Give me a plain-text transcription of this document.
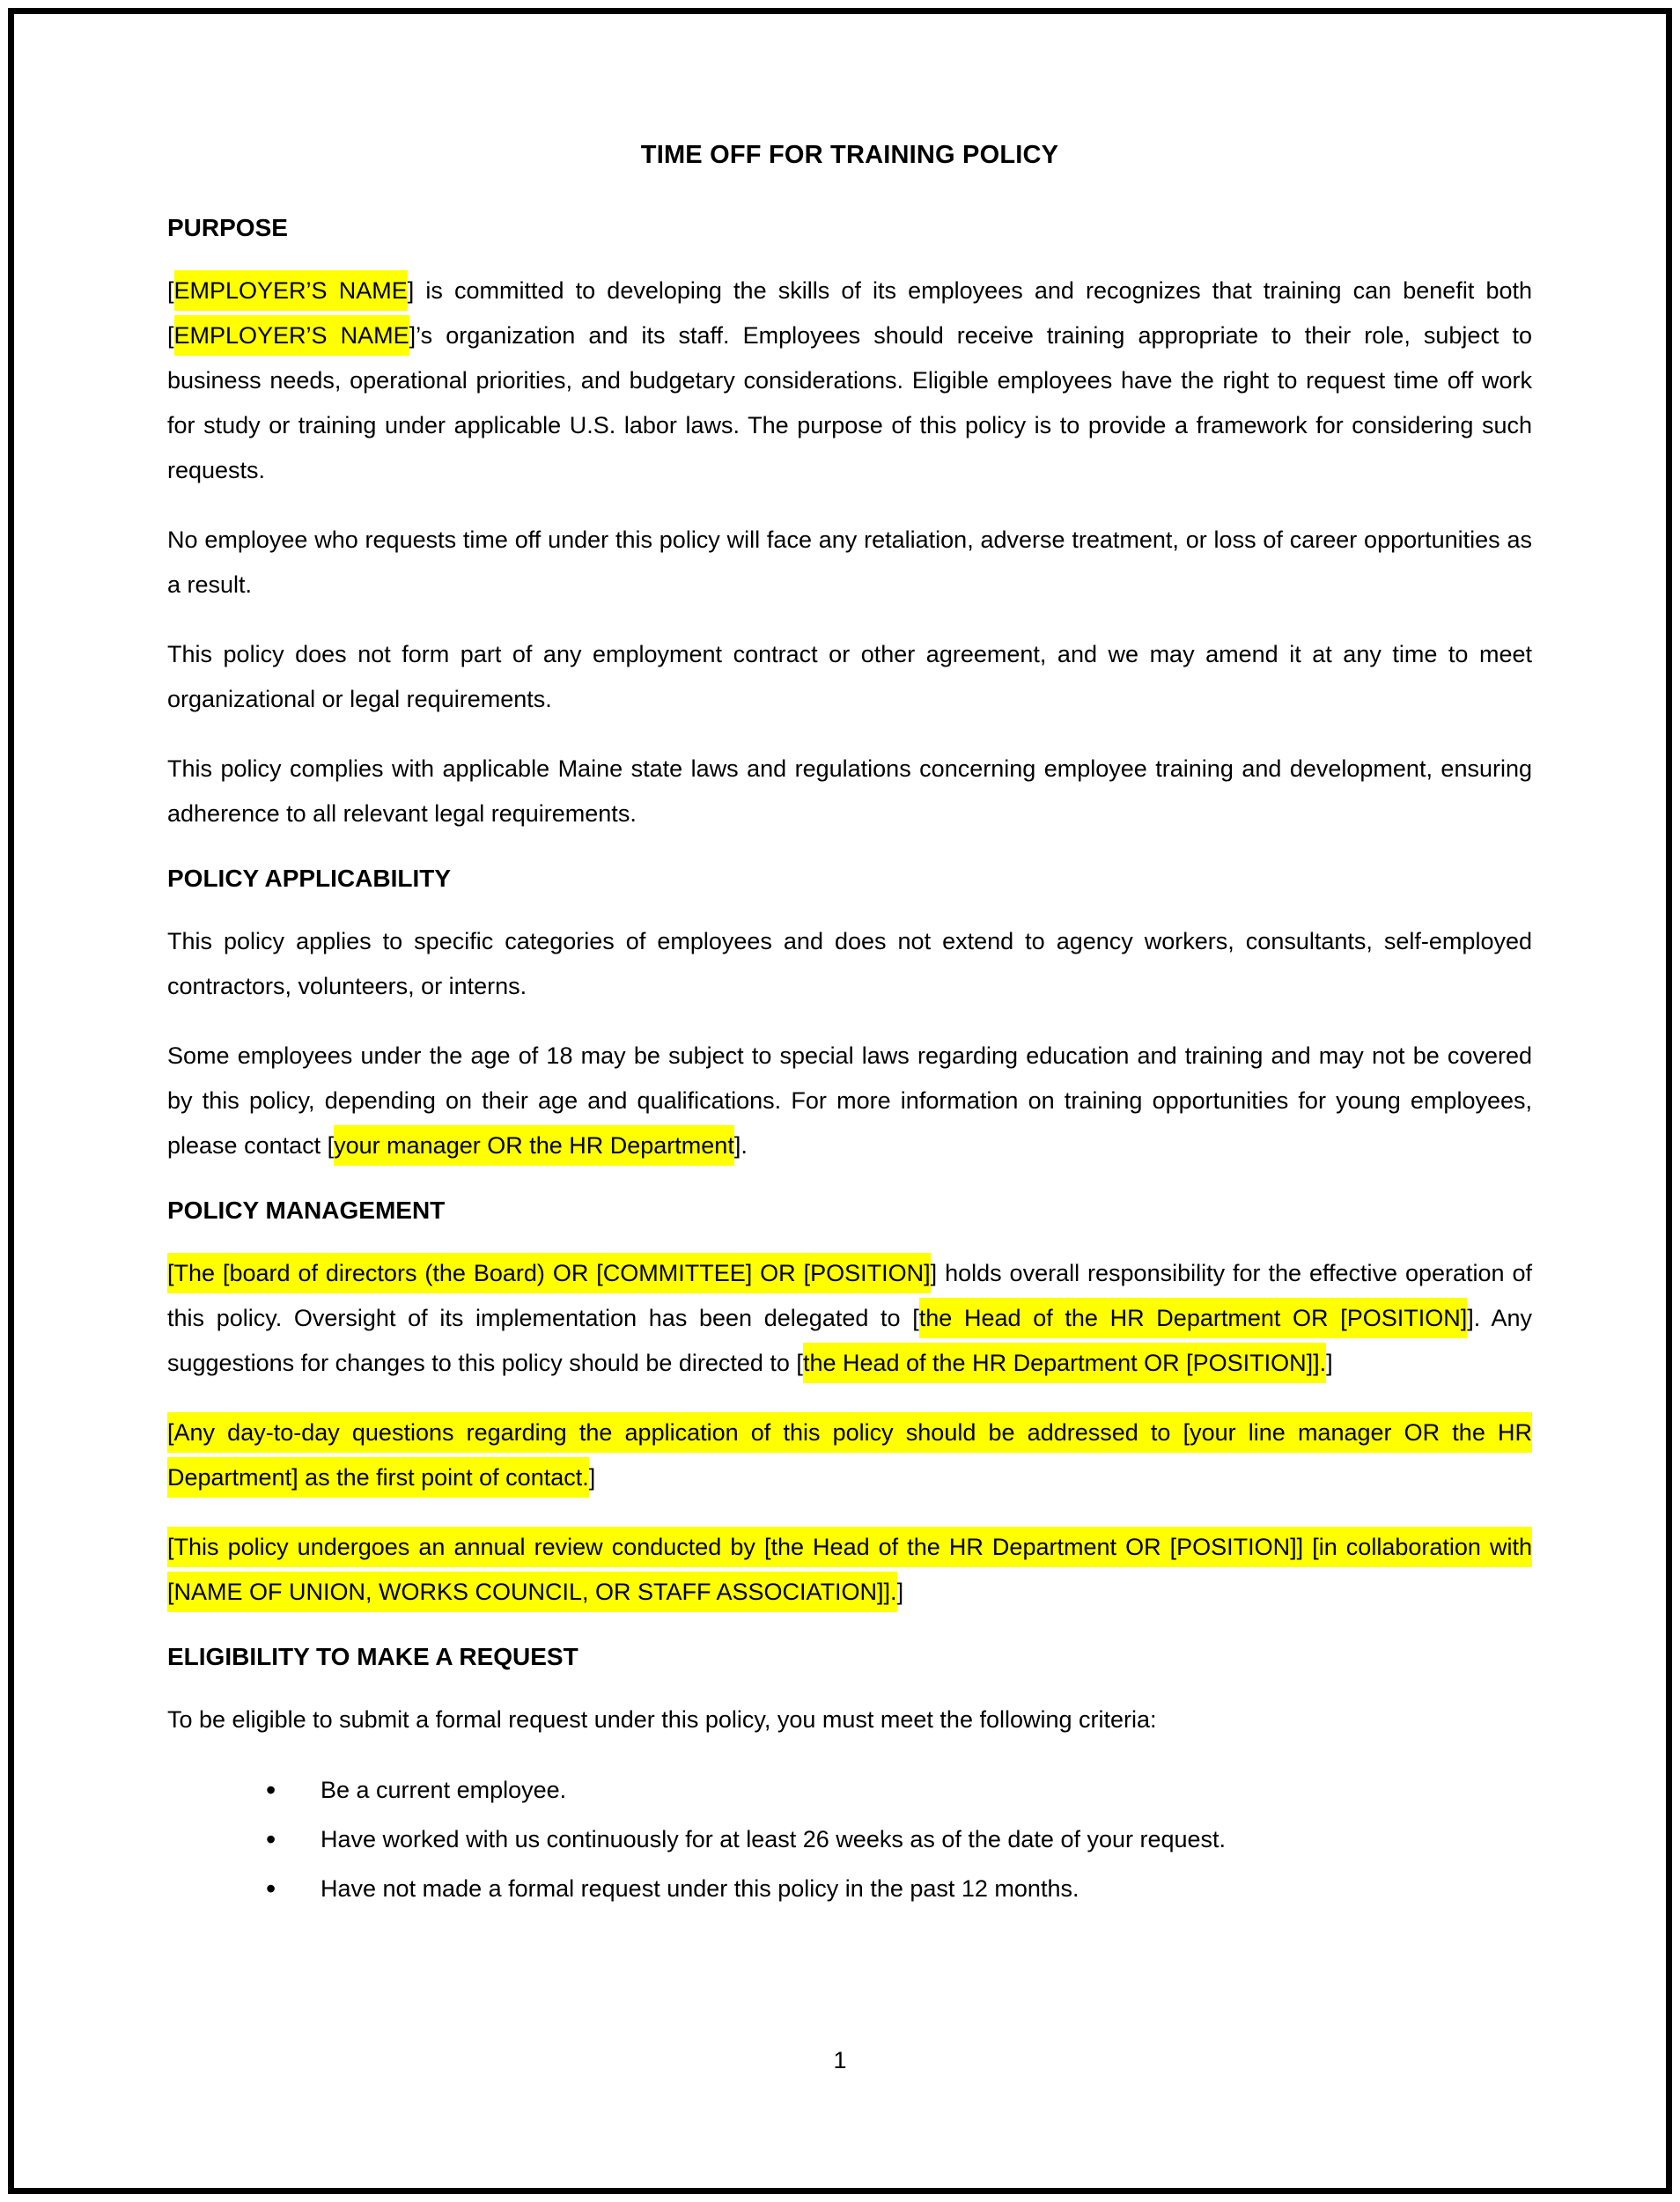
TIME OFF FOR TRAINING POLICY
PURPOSE

[EMPLOYER’S NAME] is committed to developing the skills of its employees and recognizes that training can benefit both [EMPLOYER’S NAME]’s organization and its staff. Employees should receive training appropriate to their role, subject to business needs, operational priorities, and budgetary considerations. Eligible employees have the right to request time off work for study or training under applicable U.S. labor laws. The purpose of this policy is to provide a framework for considering such requests.

No employee who requests time off under this policy will face any retaliation, adverse treatment, or loss of career opportunities as a result.

This policy does not form part of any employment contract or other agreement, and we may amend it at any time to meet organizational or legal requirements.

This policy complies with applicable Maine state laws and regulations concerning employee training and development, ensuring adherence to all relevant legal requirements.

POLICY APPLICABILITY

This policy applies to specific categories of employees and does not extend to agency workers, consultants, self-employed contractors, volunteers, or interns.

Some employees under the age of 18 may be subject to special laws regarding education and training and may not be covered by this policy, depending on their age and qualifications. For more information on training opportunities for young employees, please contact [your manager OR the HR Department].

POLICY MANAGEMENT

[The [board of directors (the Board) OR [COMMITTEE] OR [POSITION]] holds overall responsibility for the effective operation of this policy. Oversight of its implementation has been delegated to [the Head of the HR Department OR [POSITION]]. Any suggestions for changes to this policy should be directed to [the Head of the HR Department OR [POSITION]].]

[Any day-to-day questions regarding the application of this policy should be addressed to [your line manager OR the HR Department] as the first point of contact.]

[This policy undergoes an annual review conducted by [the Head of the HR Department OR [POSITION]] [in collaboration with [NAME OF UNION, WORKS COUNCIL, OR STAFF ASSOCIATION]].]

ELIGIBILITY TO MAKE A REQUEST

To be eligible to submit a formal request under this policy, you must meet the following criteria:

• Be a current employee.
• Have worked with us continuously for at least 26 weeks as of the date of your request.
• Have not made a formal request under this policy in the past 12 months.
1
